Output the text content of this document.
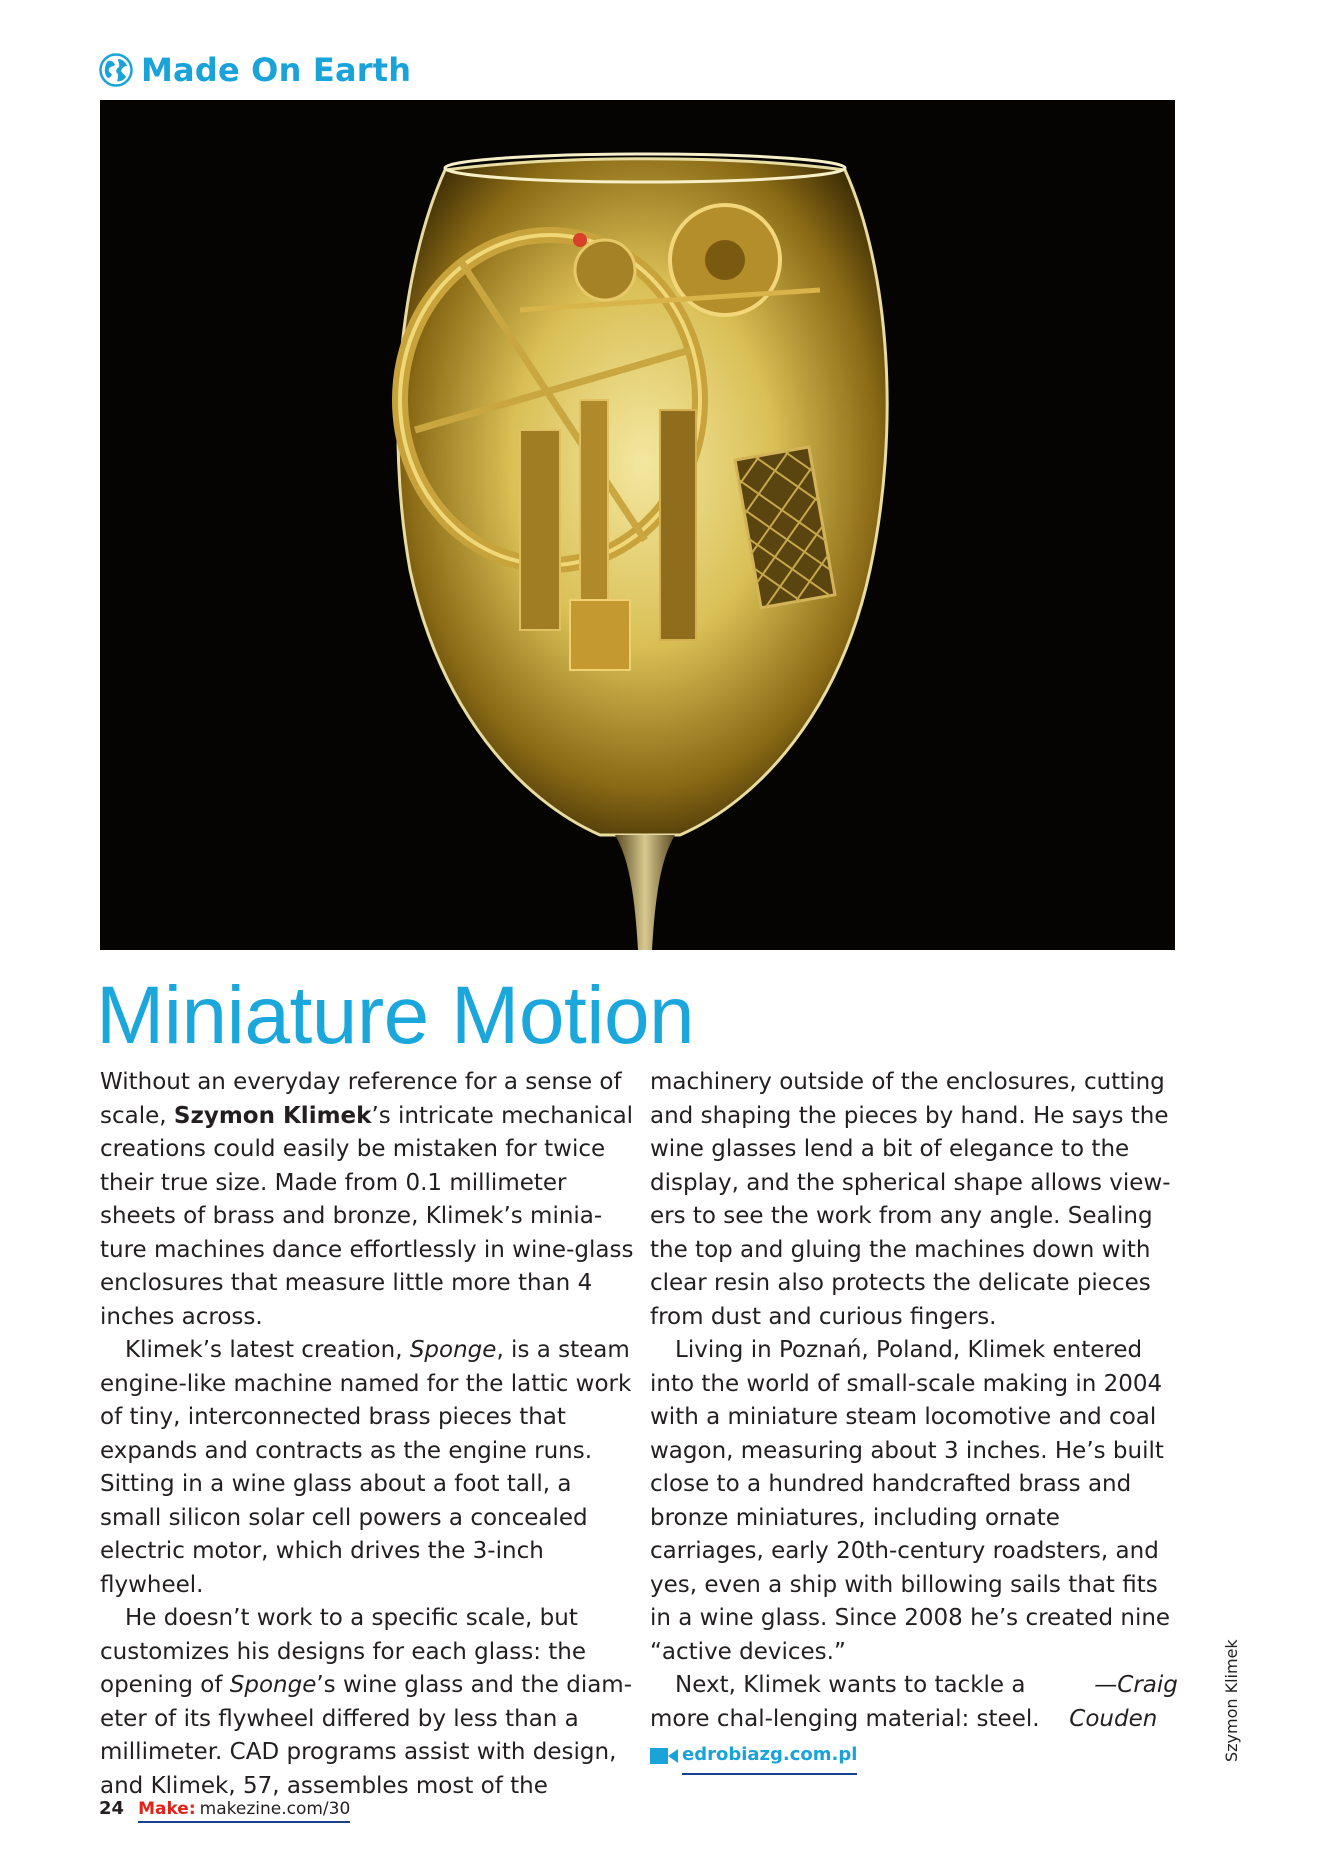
Made On Earth
Miniature Motion

Without an everyday reference for a sense of scale, Szymon Klimek’s intricate mechanical creations could easily be mistaken for twice their true size. Made from 0.1 millimeter sheets of brass and bronze, Klimek’s minia-ture machines dance effortlessly in wine-glass enclosures that measure little more than 4 inches across.

Klimek’s latest creation, Sponge, is a steam engine-like machine named for the lattic work of tiny, interconnected brass pieces that expands and contracts as the engine runs. Sitting in a wine glass about a foot tall, a small silicon solar cell powers a concealed electric motor, which drives the 3-inch flywheel.

He doesn’t work to a specific scale, but customizes his designs for each glass: the opening of Sponge’s wine glass and the diam-eter of its flywheel differed by less than a millimeter. CAD programs assist with design, and Klimek, 57, assembles most of the

machinery outside of the enclosures, cutting and shaping the pieces by hand. He says the wine glasses lend a bit of elegance to the display, and the spherical shape allows view-ers to see the work from any angle. Sealing the top and gluing the machines down with clear resin also protects the delicate pieces from dust and curious fingers.

Living in Poznań, Poland, Klimek entered into the world of small-scale making in 2004 with a miniature steam locomotive and coal wagon, measuring about 3 inches. He’s built close to a hundred handcrafted brass and bronze miniatures, including ornate carriages, early 20th-century roadsters, and yes, even a ship with billowing sails that fits in a wine glass. Since 2008 he’s created nine “active devices.”

Next, Klimek wants to tackle a more chal-lenging material: steel.
—Craig Couden

edrobiazg.com.pl	Szymon Klimek
24 Make: makezine.com/30
